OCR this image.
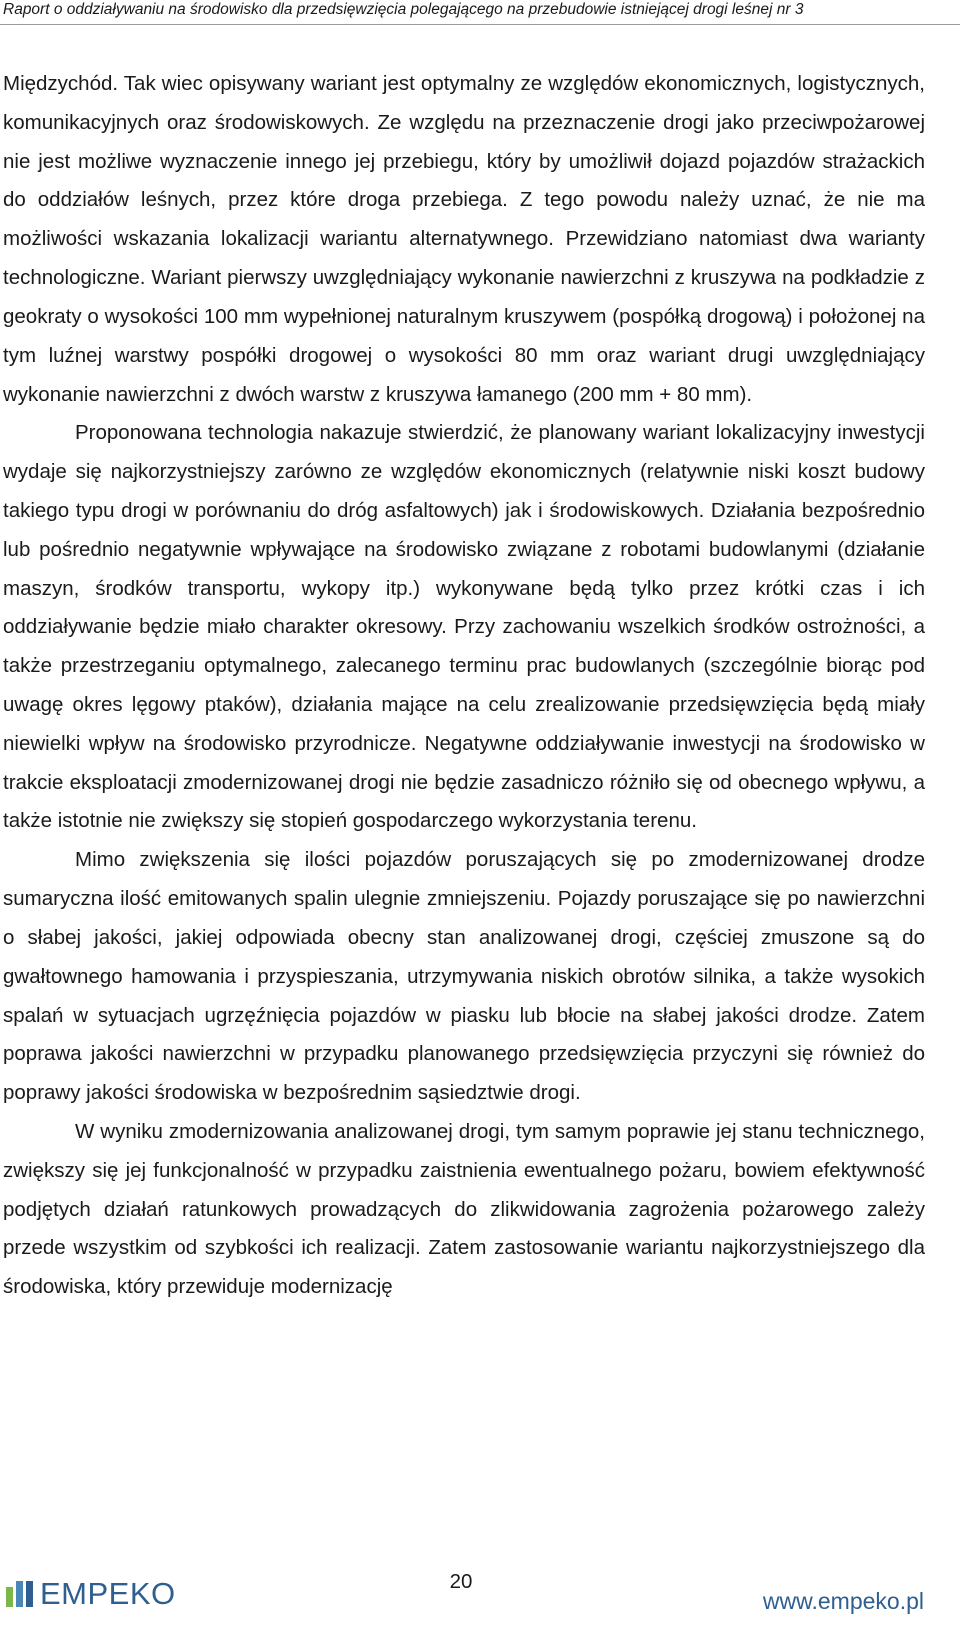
Raport o oddziaływaniu na środowisko dla przedsięwzięcia polegającego na przebudowie istniejącej drogi leśnej nr 3

Międzychód. Tak wiec opisywany wariant jest optymalny ze względów ekonomicznych, logistycznych, komunikacyjnych oraz środowiskowych. Ze względu na przeznaczenie drogi jako przeciwpożarowej nie jest możliwe wyznaczenie innego jej przebiegu, który by umożliwił dojazd pojazdów strażackich do oddziałów leśnych, przez które droga przebiega. Z tego powodu należy uznać, że nie ma możliwości wskazania lokalizacji wariantu alternatywnego. Przewidziano natomiast dwa warianty technologiczne. Wariant pierwszy uwzględniający wykonanie nawierzchni z kruszywa na podkładzie z geokraty o wysokości 100 mm wypełnionej naturalnym kruszywem (pospółką drogową) i położonej na tym luźnej warstwy pospółki drogowej o wysokości 80 mm oraz wariant drugi uwzględniający wykonanie nawierzchni z dwóch warstw z kruszywa łamanego (200 mm + 80 mm).

Proponowana technologia nakazuje stwierdzić, że planowany wariant lokalizacyjny inwestycji wydaje się najkorzystniejszy zarówno ze względów ekonomicznych (relatywnie niski koszt budowy takiego typu drogi w porównaniu do dróg asfaltowych) jak i środowiskowych. Działania bezpośrednio lub pośrednio negatywnie wpływające na środowisko związane z robotami budowlanymi (działanie maszyn, środków transportu, wykopy itp.) wykonywane będą tylko przez krótki czas i ich oddziaływanie będzie miało charakter okresowy. Przy zachowaniu wszelkich środków ostrożności, a także przestrzeganiu optymalnego, zalecanego terminu prac budowlanych (szczególnie biorąc pod uwagę okres lęgowy ptaków), działania mające na celu zrealizowanie przedsięwzięcia będą miały niewielki wpływ na środowisko przyrodnicze. Negatywne oddziaływanie inwestycji na środowisko w trakcie eksploatacji zmodernizowanej drogi nie będzie zasadniczo różniło się od obecnego wpływu, a także istotnie nie zwiększy się stopień gospodarczego wykorzystania terenu.

Mimo zwiększenia się ilości pojazdów poruszających się po zmodernizowanej drodze sumaryczna ilość emitowanych spalin ulegnie zmniejszeniu. Pojazdy poruszające się po nawierzchni o słabej jakości, jakiej odpowiada obecny stan analizowanej drogi, częściej zmuszone są do gwałtownego hamowania i przyspieszania, utrzymywania niskich obrotów silnika, a także wysokich spalań w sytuacjach ugrzęźnięcia pojazdów w piasku lub błocie na słabej jakości drodze. Zatem poprawa jakości nawierzchni w przypadku planowanego przedsięwzięcia przyczyni się również do poprawy jakości środowiska w bezpośrednim sąsiedztwie drogi.

W wyniku zmodernizowania analizowanej drogi, tym samym poprawie jej stanu technicznego, zwiększy się jej funkcjonalność w przypadku zaistnienia ewentualnego pożaru, bowiem efektywność podjętych działań ratunkowych prowadzących do zlikwidowania zagrożenia pożarowego zależy przede wszystkim od szybkości ich realizacji. Zatem zastosowanie wariantu najkorzystniejszego dla środowiska, który przewiduje modernizację

EMPEKO	20
www.empeko.pl
